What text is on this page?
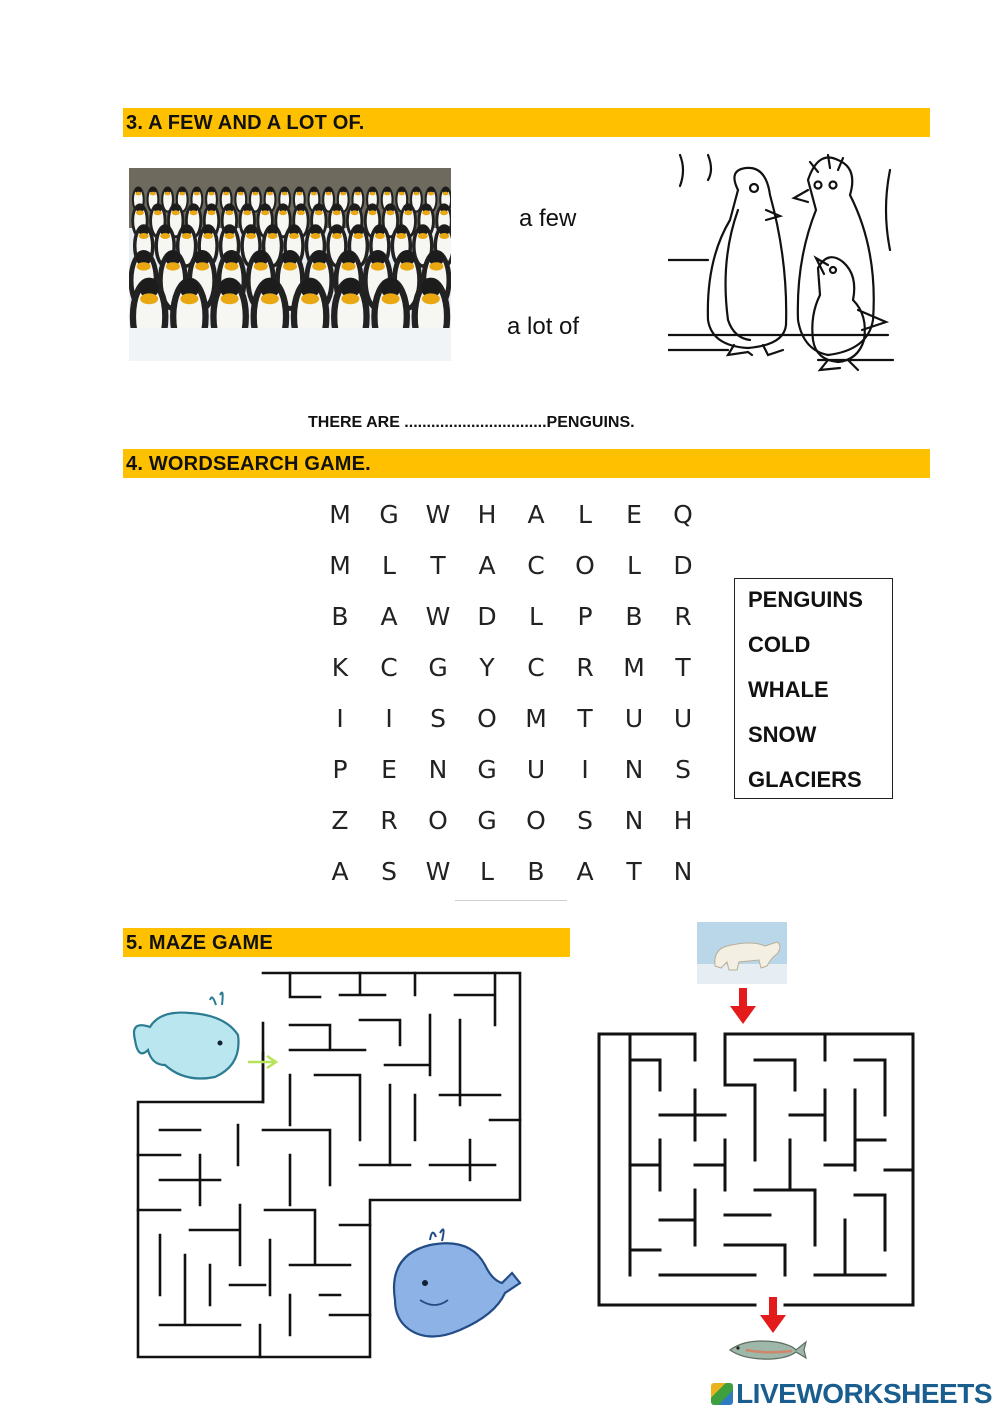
3. A FEW AND A LOT OF.
a few
a lot of
THERE ARE ................................PENGUINS.
4. WORDSEARCH GAME.
M	G	W	H	A	L	E	Q
M	L	T	A	C	O	L	D
B	A	W	D	L	P	B	R
K	C	G	Y	C	R	M	T
I	I	S	O	M	T	U	U
P	E	N	G	U	I	N	S
Z	R	O	G	O	S	N	H
A	S	W	L	B	A	T	N
PENGUINS
COLD
WHALE
SNOW
GLACIERS
5. MAZE GAME
LIVEWORKSHEETS
